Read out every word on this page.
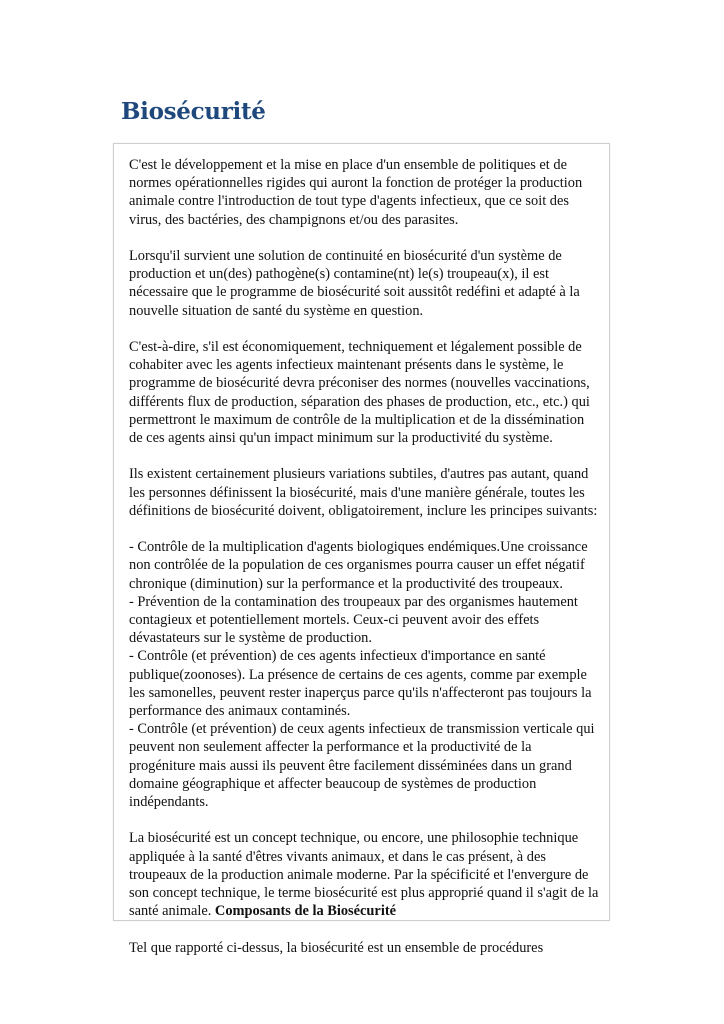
Biosécurité

C'est le développement et la mise en place d'un ensemble de politiques et de normes opérationnelles rigides qui auront la fonction de protéger la production animale contre l'introduction de tout type d'agents infectieux, que ce soit des virus, des bactéries, des champignons et/ou des parasites.

Lorsqu'il survient une solution de continuité en biosécurité d'un système de production et un(des) pathogène(s) contamine(nt) le(s) troupeau(x), il est nécessaire que le programme de biosécurité soit aussitôt redéfini et adapté à la nouvelle situation de santé du système en question.

C'est-à-dire, s'il est économiquement, techniquement et légalement possible de cohabiter avec les agents infectieux maintenant présents dans le système, le programme de biosécurité devra préconiser des normes (nouvelles vaccinations, différents flux de production, séparation des phases de production, etc., etc.) qui permettront le maximum de contrôle de la multiplication et de la dissémination de ces agents ainsi qu'un impact minimum sur la productivité du système.

Ils existent certainement plusieurs variations subtiles, d'autres pas autant, quand les personnes définissent la biosécurité, mais d'une manière générale, toutes les définitions de biosécurité doivent, obligatoirement, inclure les principes suivants:

- Contrôle de la multiplication d'agents biologiques endémiques.Une croissance non contrôlée de la population de ces organismes pourra causer un effet négatif chronique (diminution) sur la performance et la productivité des troupeaux.
- Prévention de la contamination des troupeaux par des organismes hautement contagieux et potentiellement mortels. Ceux-ci peuvent avoir des effets dévastateurs sur le système de production.
- Contrôle (et prévention) de ces agents infectieux d'importance en santé publique(zoonoses). La présence de certains de ces agents, comme par exemple les samonelles, peuvent rester inaperçus parce qu'ils n'affecteront pas toujours la performance des animaux contaminés.
- Contrôle (et prévention) de ceux agents infectieux de transmission verticale qui peuvent non seulement affecter la performance et la productivité de la progéniture mais aussi ils peuvent être facilement disséminées dans un grand domaine géographique et affecter beaucoup de systèmes de production indépendants.

La biosécurité est un concept technique, ou encore, une philosophie technique appliquée à la santé d'êtres vivants animaux, et dans le cas présent, à des troupeaux de la production animale moderne. Par la spécificité et l'envergure de son concept technique, le terme biosécurité est plus approprié quand il s'agit de la santé animale. Composants de la Biosécurité

Tel que rapporté ci-dessus, la biosécurité est un ensemble de procédures
